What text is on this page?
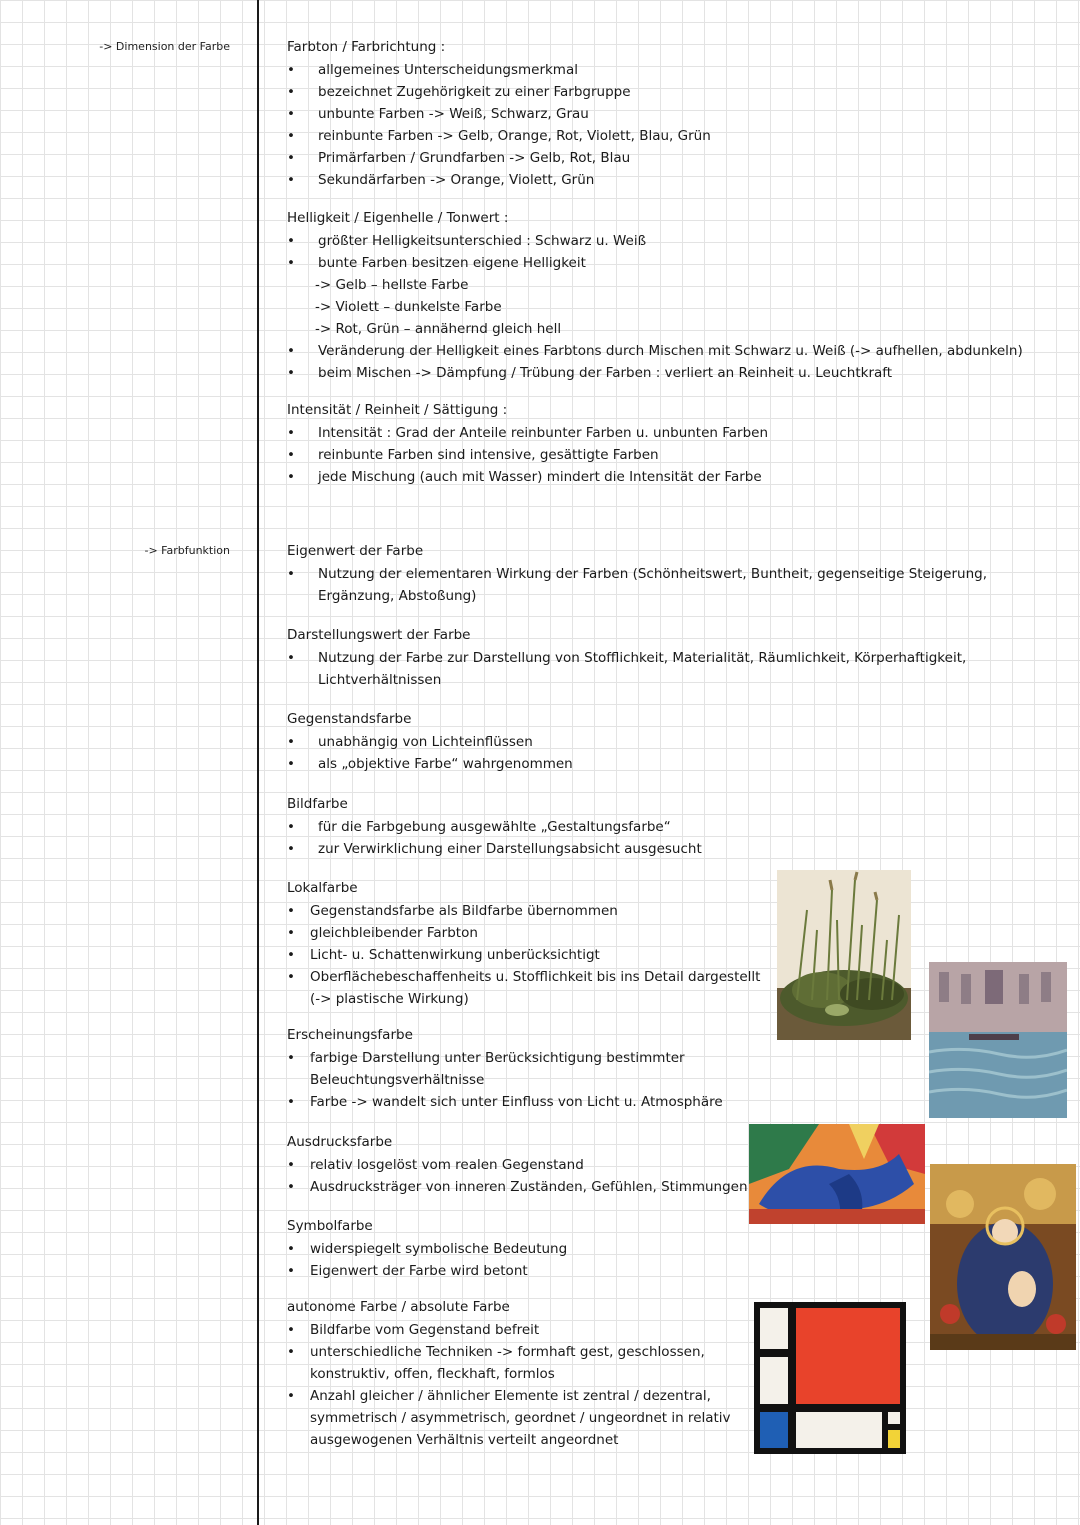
-> Dimension der Farbe
-> Farbfunktion
Farbton / Farbrichtung :
• allgemeines Unterscheidungsmerkmal
• bezeichnet Zugehörigkeit zu einer Farbgruppe
• unbunte Farben -> Weiß, Schwarz, Grau
• reinbunte Farben -> Gelb, Orange, Rot, Violett, Blau, Grün
• Primärfarben / Grundfarben -> Gelb, Rot, Blau
• Sekundärfarben -> Orange, Violett, Grün
Helligkeit / Eigenhelle / Tonwert :
• größter Helligkeitsunterschied : Schwarz u. Weiß
• bunte Farben besitzen eigene Helligkeit
-> Gelb – hellste Farbe
-> Violett – dunkelste Farbe
-> Rot, Grün – annähernd gleich hell
• Veränderung der Helligkeit eines Farbtons durch Mischen mit Schwarz u. Weiß (-> aufhellen, abdunkeln)
• beim Mischen -> Dämpfung / Trübung der Farben : verliert an Reinheit u. Leuchtkraft
Intensität / Reinheit / Sättigung :
• Intensität : Grad der Anteile reinbunter Farben u. unbunten Farben
• reinbunte Farben sind intensive, gesättigte Farben
• jede Mischung (auch mit Wasser) mindert die Intensität der Farbe
Eigenwert der Farbe
• Nutzung der elementaren Wirkung der Farben (Schönheitswert, Buntheit, gegenseitige Steigerung, Ergänzung, Abstoßung)
Darstellungswert der Farbe
• Nutzung der Farbe zur Darstellung von Stofflichkeit, Materialität, Räumlichkeit, Körperhaftigkeit, Lichtverhältnissen
Gegenstandsfarbe
• unabhängig von Lichteinflüssen
• als „objektive Farbe“ wahrgenommen
Bildfarbe
• für die Farbgebung ausgewählte „Gestaltungsfarbe“
• zur Verwirklichung einer Darstellungsabsicht ausgesucht
Lokalfarbe
• Gegenstandsfarbe als Bildfarbe übernommen
• gleichbleibender Farbton
• Licht- u. Schattenwirkung unberücksichtigt
• Oberflächebeschaffenheits u. Stofflichkeit bis ins Detail dargestellt (-> plastische Wirkung)
Erscheinungsfarbe
• farbige Darstellung unter Berücksichtigung bestimmter Beleuchtungsverhältnisse
• Farbe -> wandelt sich unter Einfluss von Licht u. Atmosphäre
Ausdrucksfarbe
• relativ losgelöst vom realen Gegenstand
• Ausdrucksträger von inneren Zuständen, Gefühlen, Stimmungen
Symbolfarbe
• widerspiegelt symbolische Bedeutung
• Eigenwert der Farbe wird betont
autonome Farbe / absolute Farbe
• Bildfarbe vom Gegenstand befreit
• unterschiedliche Techniken -> formhaft gest, geschlossen, konstruktiv, offen, fleckhaft, formlos
• Anzahl gleicher / ähnlicher Elemente ist zentral / dezentral, symmetrisch / asymmetrisch, geordnet / ungeordnet in relativ ausgewogenen Verhältnis verteilt angeordnet
